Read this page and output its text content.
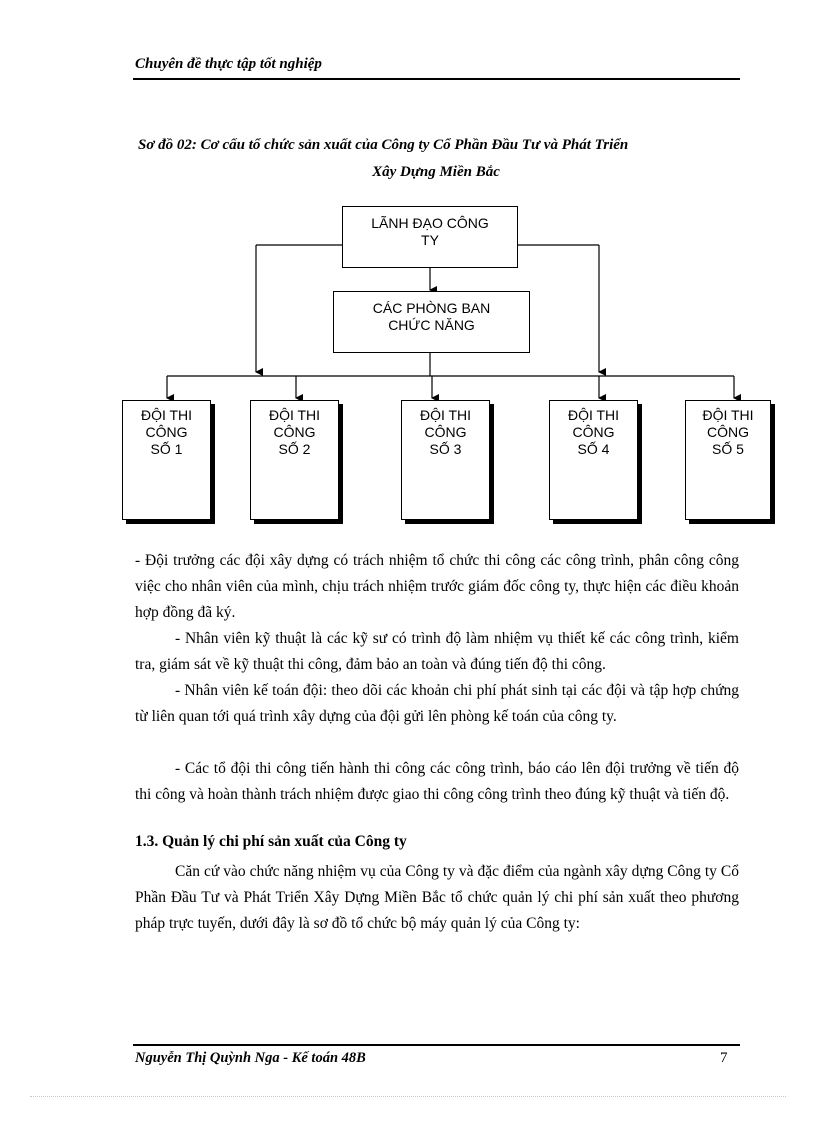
Chuyên đề thực tập tốt nghiệp
Sơ đồ 02: Cơ cấu tổ chức sản xuất của Công ty Cổ Phần Đầu Tư và Phát Triển
Xây Dựng Miền Bắc
LÃNH ĐẠO CÔNG
TY
CÁC PHÒNG BAN
CHỨC NĂNG
ĐỘI THI
CÔNG
SỐ 1
ĐỘI THI
CÔNG
SỐ 2
ĐỘI THI
CÔNG
SỐ 3
ĐỘI THI
CÔNG
SỐ 4
ĐỘI THI
CÔNG
SỐ 5
- Đội trưởng các đội xây dựng có trách nhiệm tổ chức thi công các công trình, phân công công việc cho nhân viên của mình, chịu trách nhiệm trước giám đốc công ty, thực hiện các điều khoản hợp đồng đã ký.
- Nhân viên kỹ thuật là các kỹ sư có trình độ làm nhiệm vụ thiết kế các công trình, kiểm tra, giám sát về kỹ thuật thi công, đảm bảo an toàn và đúng tiến độ thi công.
- Nhân viên kế toán đội: theo dõi các khoản chi phí phát sinh tại các đội và tập hợp chứng từ liên quan tới quá trình xây dựng của đội gửi lên phòng kế toán của công ty.
- Các tổ đội thi công tiến hành thi công các công trình, báo cáo lên đội trưởng về tiến độ thi công và hoàn thành trách nhiệm được giao thi công công trình theo đúng kỹ thuật và tiến độ.
1.3. Quản lý chi phí sản xuất của Công ty
Căn cứ vào chức năng nhiệm vụ của Công ty và đặc điểm của ngành xây dựng Công ty Cổ Phần Đầu Tư và Phát Triển Xây Dựng Miền Bắc tổ chức quản lý chi phí sản xuất theo phương pháp trực tuyến, dưới đây là sơ đồ tổ chức bộ máy quản lý của Công ty:
Nguyễn Thị Quỳnh Nga - Kế toán 48B	7
